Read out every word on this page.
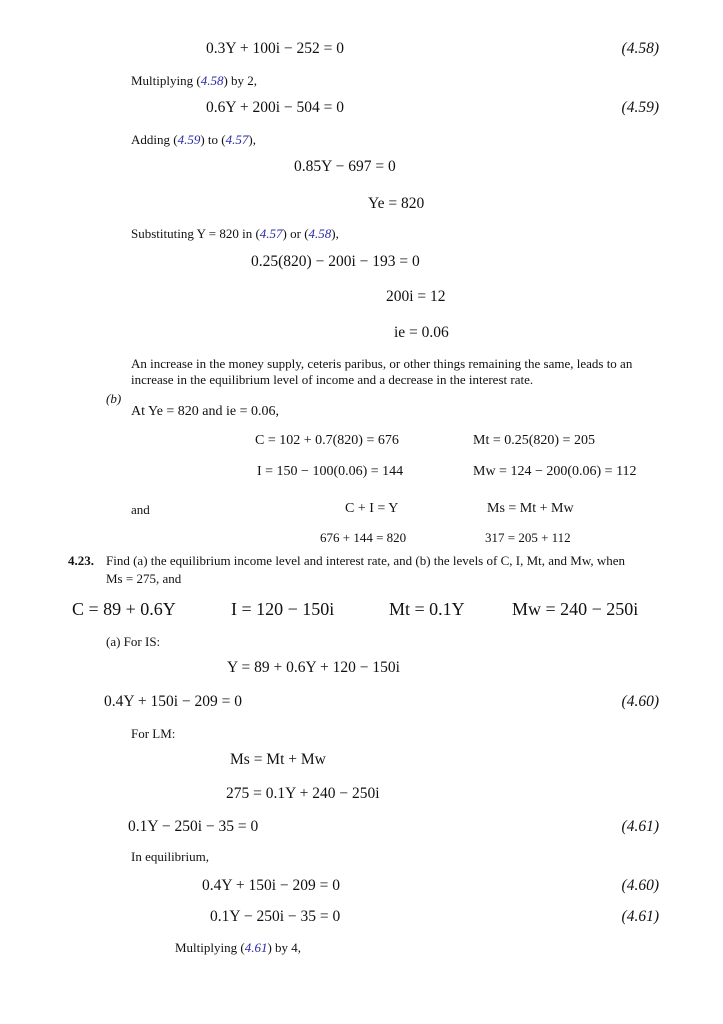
0.3Y + 100i − 252 = 0	(4.58)
Multiplying (4.58) by 2,
0.6Y + 200i − 504 = 0	(4.59)
Adding (4.59) to (4.57),
0.85Y − 697 = 0
Ye = 820
Substituting Y = 820 in (4.57) or (4.58),
0.25(820) − 200i − 193 = 0
200i = 12
ie = 0.06
An increase in the money supply, ceteris paribus, or other things remaining the same, leads to an increase in the equilibrium level of income and a decrease in the interest rate.
(b)
At Ye = 820 and ie = 0.06,
C = 102 + 0.7(820) = 676	Mt = 0.25(820) = 205
I = 150 − 100(0.06) = 144	Mw = 124 − 200(0.06) = 112
and	C + I = Y	Ms = Mt + Mw
676 + 144 = 820	317 = 205 + 112
4.23. Find (a) the equilibrium income level and interest rate, and (b) the levels of C, I, Mt, and Mw, when
Ms = 275, and
C = 89 + 0.6Y	I = 120 − 150i	Mt = 0.1Y	Mw = 240 − 250i
(a) For IS:
Y = 89 + 0.6Y + 120 − 150i
0.4Y + 150i − 209 = 0	(4.60)
For LM:
Ms = Mt + Mw
275 = 0.1Y + 240 − 250i
0.1Y − 250i − 35 = 0	(4.61)
In equilibrium,
0.4Y + 150i − 209 = 0	(4.60)
0.1Y − 250i − 35 = 0	(4.61)
Multiplying (4.61) by 4,
